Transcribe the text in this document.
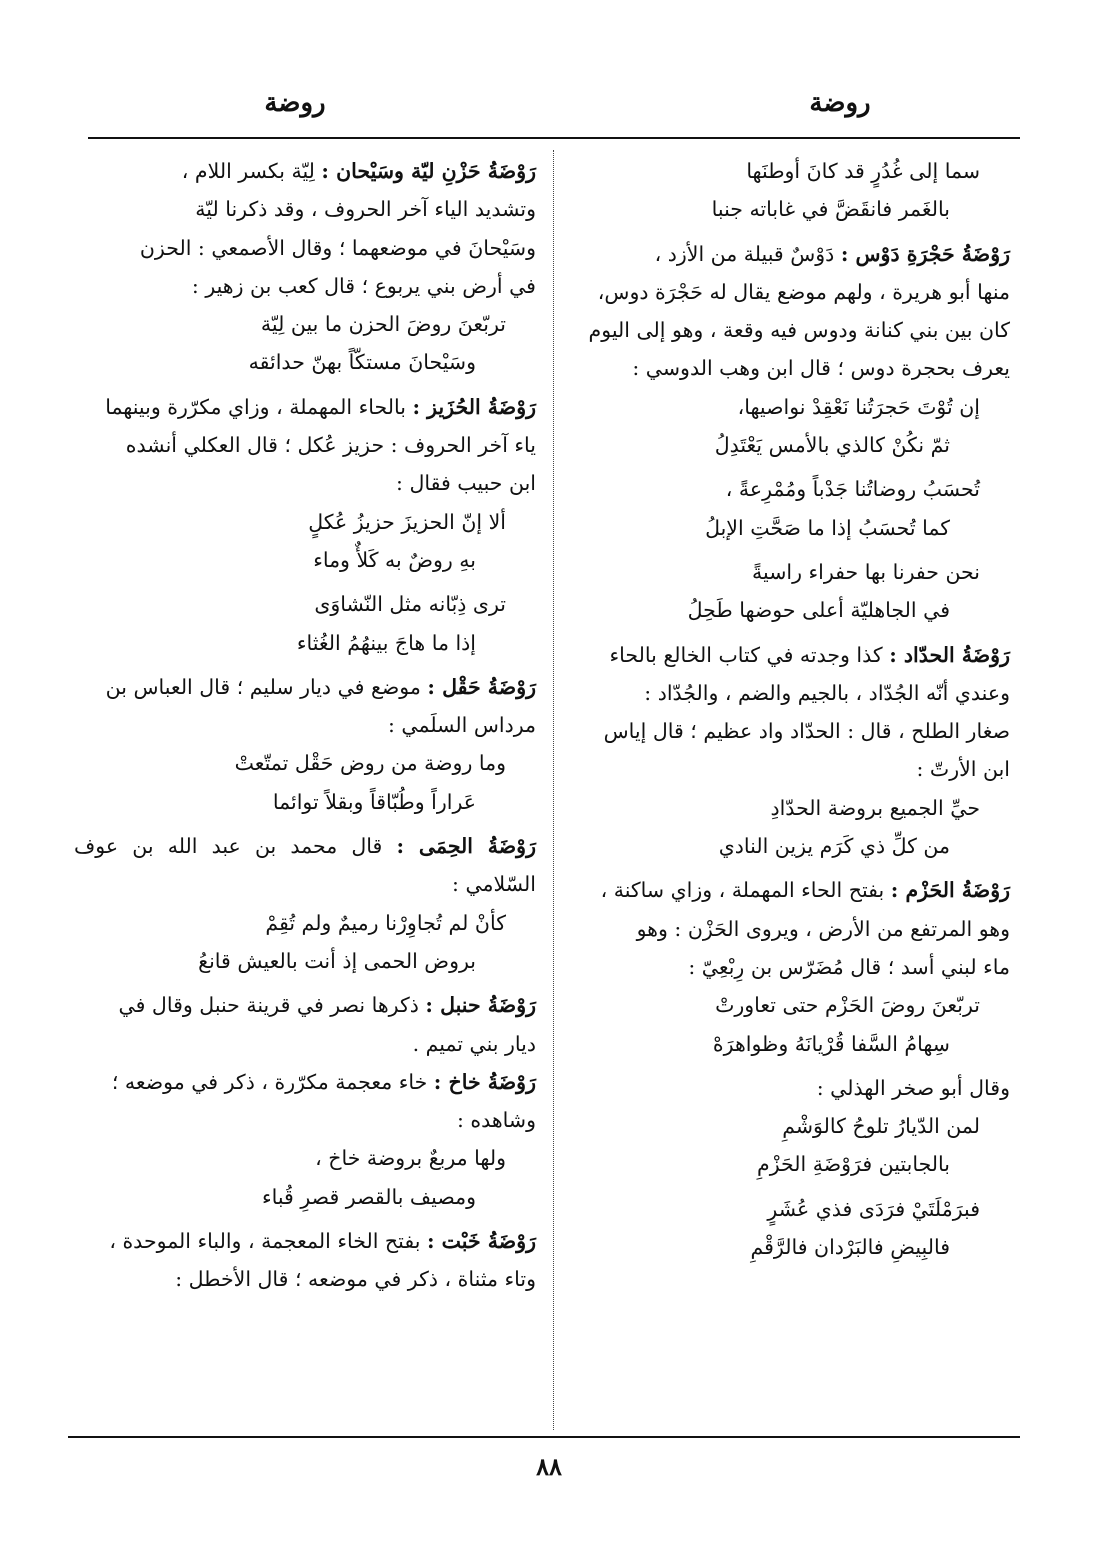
روضة
روضة
سما إلى غُدُرٍ قد كانَ أوطنَها
بالغَمر فانقَضَّ في غاباته جنبا

رَوْضَةُ حَجْرَةِ دَوْس : دَوْسٌ قبيلة من الأزد ،

منها أبو هريرة ، ولهم موضع يقال له حَجْرَة دوس،

كان بين بني كنانة ودوس فيه وقعة ، وهو إلى اليوم

يعرف بحجرة دوس ؛ قال ابن وهب الدوسي :

إن تُوْتَ حَجرَتُنا نَعْقِدْ نواصيها،
ثمّ نكُنْ كالذي بالأمس يَعْتَدِلُ
تُحسَبُ روضاتُنا جَدْباً ومُمْرِعةً ،
كما تُحسَبُ إذا ما صَحَّتِ الإبلُ
نحن حفرنا بها حفراء راسيةً
في الجاهليّة أعلى حوضها طَحِلُ

رَوْضَةُ الحدّاد : كذا وجدته في كتاب الخالع بالحاء

وعندي أنّه الجُدّاد ، بالجيم والضم ، والجُدّاد :

صغار الطلح ، قال : الحدّاد واد عظيم ؛ قال إياس

ابن الأرتّ :

حيِّ الجميع بروضة الحدّادِ
من كلِّ ذي كَرَم يزين النادي

رَوْضَةُ الحَزْم : بفتح الحاء المهملة ، وزاي ساكنة ،

وهو المرتفع من الأرض ، ويروى الحَزْن : وهو

ماء لبني أسد ؛ قال مُضَرّس بن رِبْعِيّ :

تربّعنَ روضَ الحَزْم حتى تعاورتْ
سِهامُ السَّفا قُرْيانَهُ وظواهرَهْ

وقال أبو صخر الهذلي :

لمن الدّيارُ تلوحُ كالوَشْمِ
بالجابتين فرَوْضَةِ الحَزْمِ
فبرَمْلَتَيْ فرَدَى فذي عُشَرٍ
فالبِيضِ فالبَرْدان فالرَّقْمِ

رَوْضَةُ حَزْنِ ليّة وسَيْحان : لِيّة بكسر اللام ،

وتشديد الياء آخر الحروف ، وقد ذكرنا ليّة

وسَيْحانَ في موضعهما ؛ وقال الأصمعي : الحزن

في أرض بني يربوع ؛ قال كعب بن زهير :

تربّعنَ روضَ الحزن ما بين لِيّة
وسَيْحانَ مستكّاً بهنّ حدائقه

رَوْضَةُ الحُزَيز : بالحاء المهملة ، وزاي مكرّرة وبينهما

ياء آخر الحروف : حزيز عُكل ؛ قال العكلي أنشده

ابن حبيب فقال :

ألا إنّ الحزيزَ حزيزُ عُكلٍ
بهِ روضٌ به كَلأٌ وماء
ترى ذِبّانه مثل النّشاوَى
إذا ما هاجَ بينهُمُ الغُثاء

رَوْضَةُ حَقْل : موضع في ديار سليم ؛ قال العباس بن

مرداس السلَمي :

وما روضة من روض حَقْل تمتّعتْ
عَراراً وطُبّاقاً وبقلاً توائما

رَوْضَةُ الحِمَى : قال محمد بن عبد الله بن عوف السّلامي :

كأنْ لم تُجاوِرْنا رميمٌ ولم تُقِمْ
بروض الحمى إذ أنت بالعيش قانعُ

رَوْضَةُ حنبل : ذكرها نصر في قرينة حنبل وقال في

ديار بني تميم .

رَوْضَةُ خاخ : خاء معجمة مكرّرة ، ذكر في موضعه ؛

وشاهده :

ولها مربعٌ بروضة خاخ ،
ومصيف بالقصر قصرِ قُباء

رَوْضَةُ خَبْت : بفتح الخاء المعجمة ، والباء الموحدة ،

وتاء مثناة ، ذكر في موضعه ؛ قال الأخطل :

٨٨
